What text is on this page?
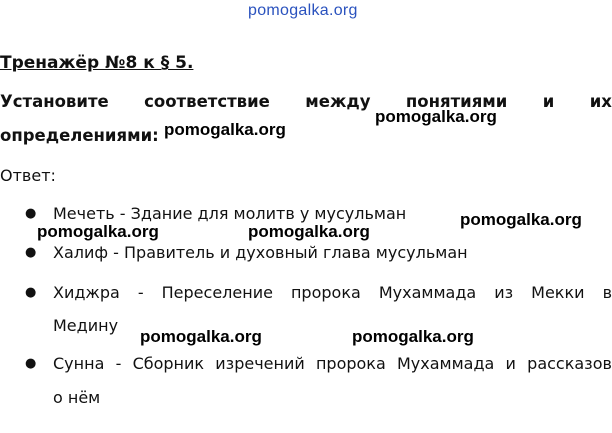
pomogalka.org
Тренажёр №8 к § 5.
Установите соответствие между понятиями и их
определениями:
Ответ:
● Мечеть - Здание для молитв у мусульман
● Халиф - Правитель и духовный глава мусульман
● Хиджра - Переселение пророка Мухаммада из Мекки в
Медину
● Сунна - Сборник изречений пророка Мухаммада и рассказов
о нём
pomogalka.org
pomogalka.org
pomogalka.org
pomogalka.org	pomogalka.org
pomogalka.org	pomogalka.org
